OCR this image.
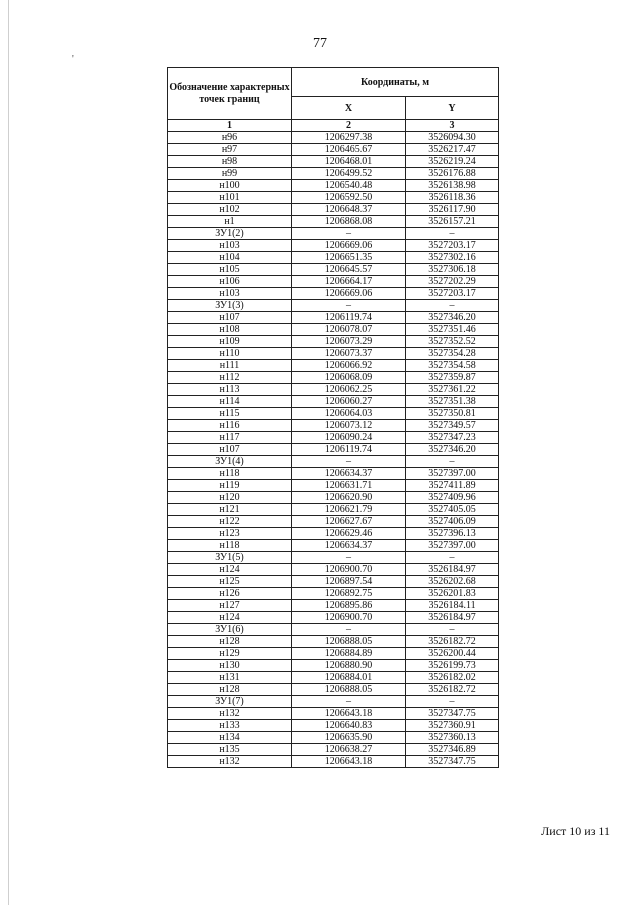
'
77
Обозначение характерных точек границ	Координаты, м	
	X	Y
1	2	3
н96	1206297.38	3526094.30
н97	1206465.67	3526217.47
н98	1206468.01	3526219.24
н99	1206499.52	3526176.88
н100	1206540.48	3526138.98
н101	1206592.50	3526118.36
н102	1206648.37	3526117.90
н1	1206868.08	3526157.21
ЗУ1(2)	–	–
н103	1206669.06	3527203.17
н104	1206651.35	3527302.16
н105	1206645.57	3527306.18
н106	1206664.17	3527202.29
н103	1206669.06	3527203.17
ЗУ1(3)	–	–
н107	1206119.74	3527346.20
н108	1206078.07	3527351.46
н109	1206073.29	3527352.52
н110	1206073.37	3527354.28
н111	1206066.92	3527354.58
н112	1206068.09	3527359.87
н113	1206062.25	3527361.22
н114	1206060.27	3527351.38
н115	1206064.03	3527350.81
н116	1206073.12	3527349.57
н117	1206090.24	3527347.23
н107	1206119.74	3527346.20
ЗУ1(4)	–	–
н118	1206634.37	3527397.00
н119	1206631.71	3527411.89
н120	1206620.90	3527409.96
н121	1206621.79	3527405.05
н122	1206627.67	3527406.09
н123	1206629.46	3527396.13
н118	1206634.37	3527397.00
ЗУ1(5)	–	–
н124	1206900.70	3526184.97
н125	1206897.54	3526202.68
н126	1206892.75	3526201.83
н127	1206895.86	3526184.11
н124	1206900.70	3526184.97
ЗУ1(6)	–	–
н128	1206888.05	3526182.72
н129	1206884.89	3526200.44
н130	1206880.90	3526199.73
н131	1206884.01	3526182.02
н128	1206888.05	3526182.72
ЗУ1(7)	–	–
н132	1206643.18	3527347.75
н133	1206640.83	3527360.91
н134	1206635.90	3527360.13
н135	1206638.27	3527346.89
н132	1206643.18	3527347.75
Лист 10 из 11
